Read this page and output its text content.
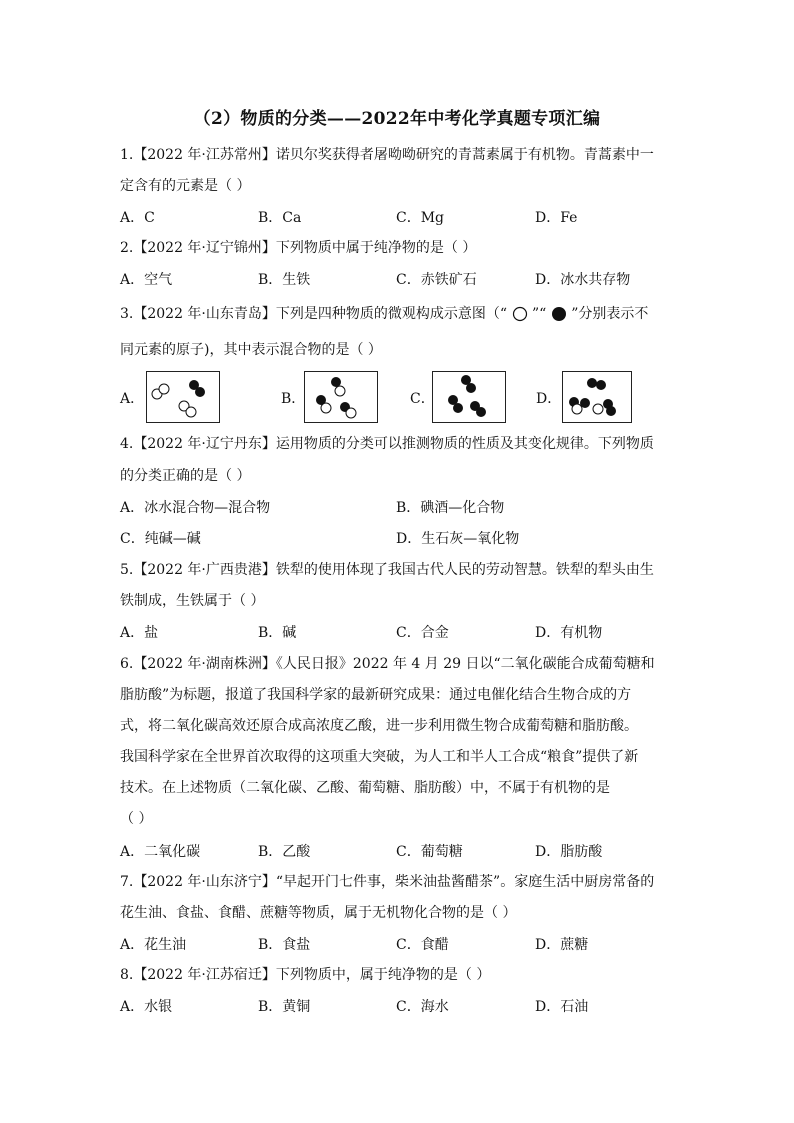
（2）物质的分类——2022年中考化学真题专项汇编
1.【2022 年·江苏常州】诺贝尔奖获得者屠呦呦研究的青蒿素属于有机物。青蒿素中一
定含有的元素是（ ）
A．C	B．Ca	C．Mg	D．Fe
2.【2022 年·辽宁锦州】下列物质中属于纯净物的是（ ）
A．空气	B．生铁	C．赤铁矿石	D．冰水共存物
3.【2022 年·山东青岛】下列是四种物质的微观构成示意图（“ ”“ ”分别表示不
同元素的原子)，其中表示混合物的是（ ）
A．	B．	C．	D．
4.【2022 年·辽宁丹东】运用物质的分类可以推测物质的性质及其变化规律。下列物质
的分类正确的是（ ）
A．冰水混合物—混合物	B．碘酒—化合物
C．纯碱—碱	D．生石灰—氧化物
5.【2022 年·广西贵港】铁犁的使用体现了我国古代人民的劳动智慧。铁犁的犁头由生
铁制成，生铁属于（ ）
A．盐	B．碱	C．合金	D．有机物
6.【2022 年·湖南株洲】《人民日报》2022 年 4 月 29 日以“二氧化碳能合成葡萄糖和
脂肪酸”为标题，报道了我国科学家的最新研究成果：通过电催化结合生物合成的方
式，将二氧化碳高效还原合成高浓度乙酸，进一步利用微生物合成葡萄糖和脂肪酸。
我国科学家在全世界首次取得的这项重大突破，为人工和半人工合成“粮食”提供了新
技术。在上述物质（二氧化碳、乙酸、葡萄糖、脂肪酸）中，不属于有机物的是
（ ）
A．二氧化碳	B．乙酸	C．葡萄糖	D．脂肪酸
7.【2022 年·山东济宁】“早起开门七件事，柴米油盐酱醋茶”。家庭生活中厨房常备的
花生油、食盐、食醋、蔗糖等物质，属于无机物化合物的是（ ）
A．花生油	B．食盐	C．食醋	D．蔗糖
8.【2022 年·江苏宿迁】下列物质中，属于纯净物的是（ ）
A．水银	B．黄铜	C．海水	D．石油
